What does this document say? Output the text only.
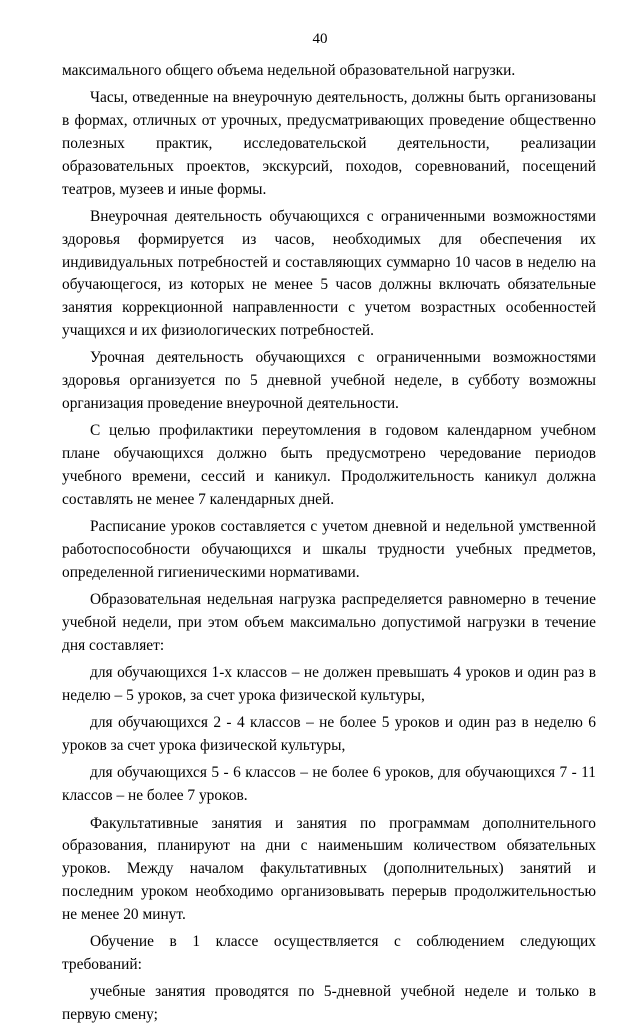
40

максимального общего объема недельной образовательной нагрузки.

Часы, отведенные на внеурочную деятельность, должны быть организованы в формах, отличных от урочных, предусматривающих проведение общественно полезных практик, исследовательской деятельности, реализации образовательных проектов, экскурсий, походов, соревнований, посещений театров, музеев и иные формы.

Внеурочная деятельность обучающихся с ограниченными возможностями здоровья формируется из часов, необходимых для обеспечения их индивидуальных потребностей и составляющих суммарно 10 часов в неделю на обучающегося, из которых не менее 5 часов должны включать обязательные занятия коррекционной направленности с учетом возрастных особенностей учащихся и их физиологических потребностей.

Урочная деятельность обучающихся с ограниченными возможностями здоровья организуется по 5 дневной учебной неделе, в субботу возможны организация проведение внеурочной деятельности.

С целью профилактики переутомления в годовом календарном учебном плане обучающихся должно быть предусмотрено чередование периодов учебного времени, сессий и каникул. Продолжительность каникул должна составлять не менее 7 календарных дней.

Расписание уроков составляется с учетом дневной и недельной умственной работоспособности обучающихся и шкалы трудности учебных предметов, определенной гигиеническими нормативами.

Образовательная недельная нагрузка распределяется равномерно в течение учебной недели, при этом объем максимально допустимой нагрузки в течение дня составляет:

для обучающихся 1-х классов – не должен превышать 4 уроков и один раз в неделю – 5 уроков, за счет урока физической культуры,

для обучающихся 2 - 4 классов – не более 5 уроков и один раз в неделю 6 уроков за счет урока физической культуры,

для обучающихся 5 - 6 классов – не более 6 уроков, для обучающихся 7 - 11 классов – не более 7 уроков.

Факультативные занятия и занятия по программам дополнительного образования, планируют на дни с наименьшим количеством обязательных уроков. Между началом факультативных (дополнительных) занятий и последним уроком необходимо организовывать перерыв продолжительностью не менее 20 минут.

Обучение в 1 классе осуществляется с соблюдением следующих требований:

учебные занятия проводятся по 5-дневной учебной неделе и только в первую смену;
